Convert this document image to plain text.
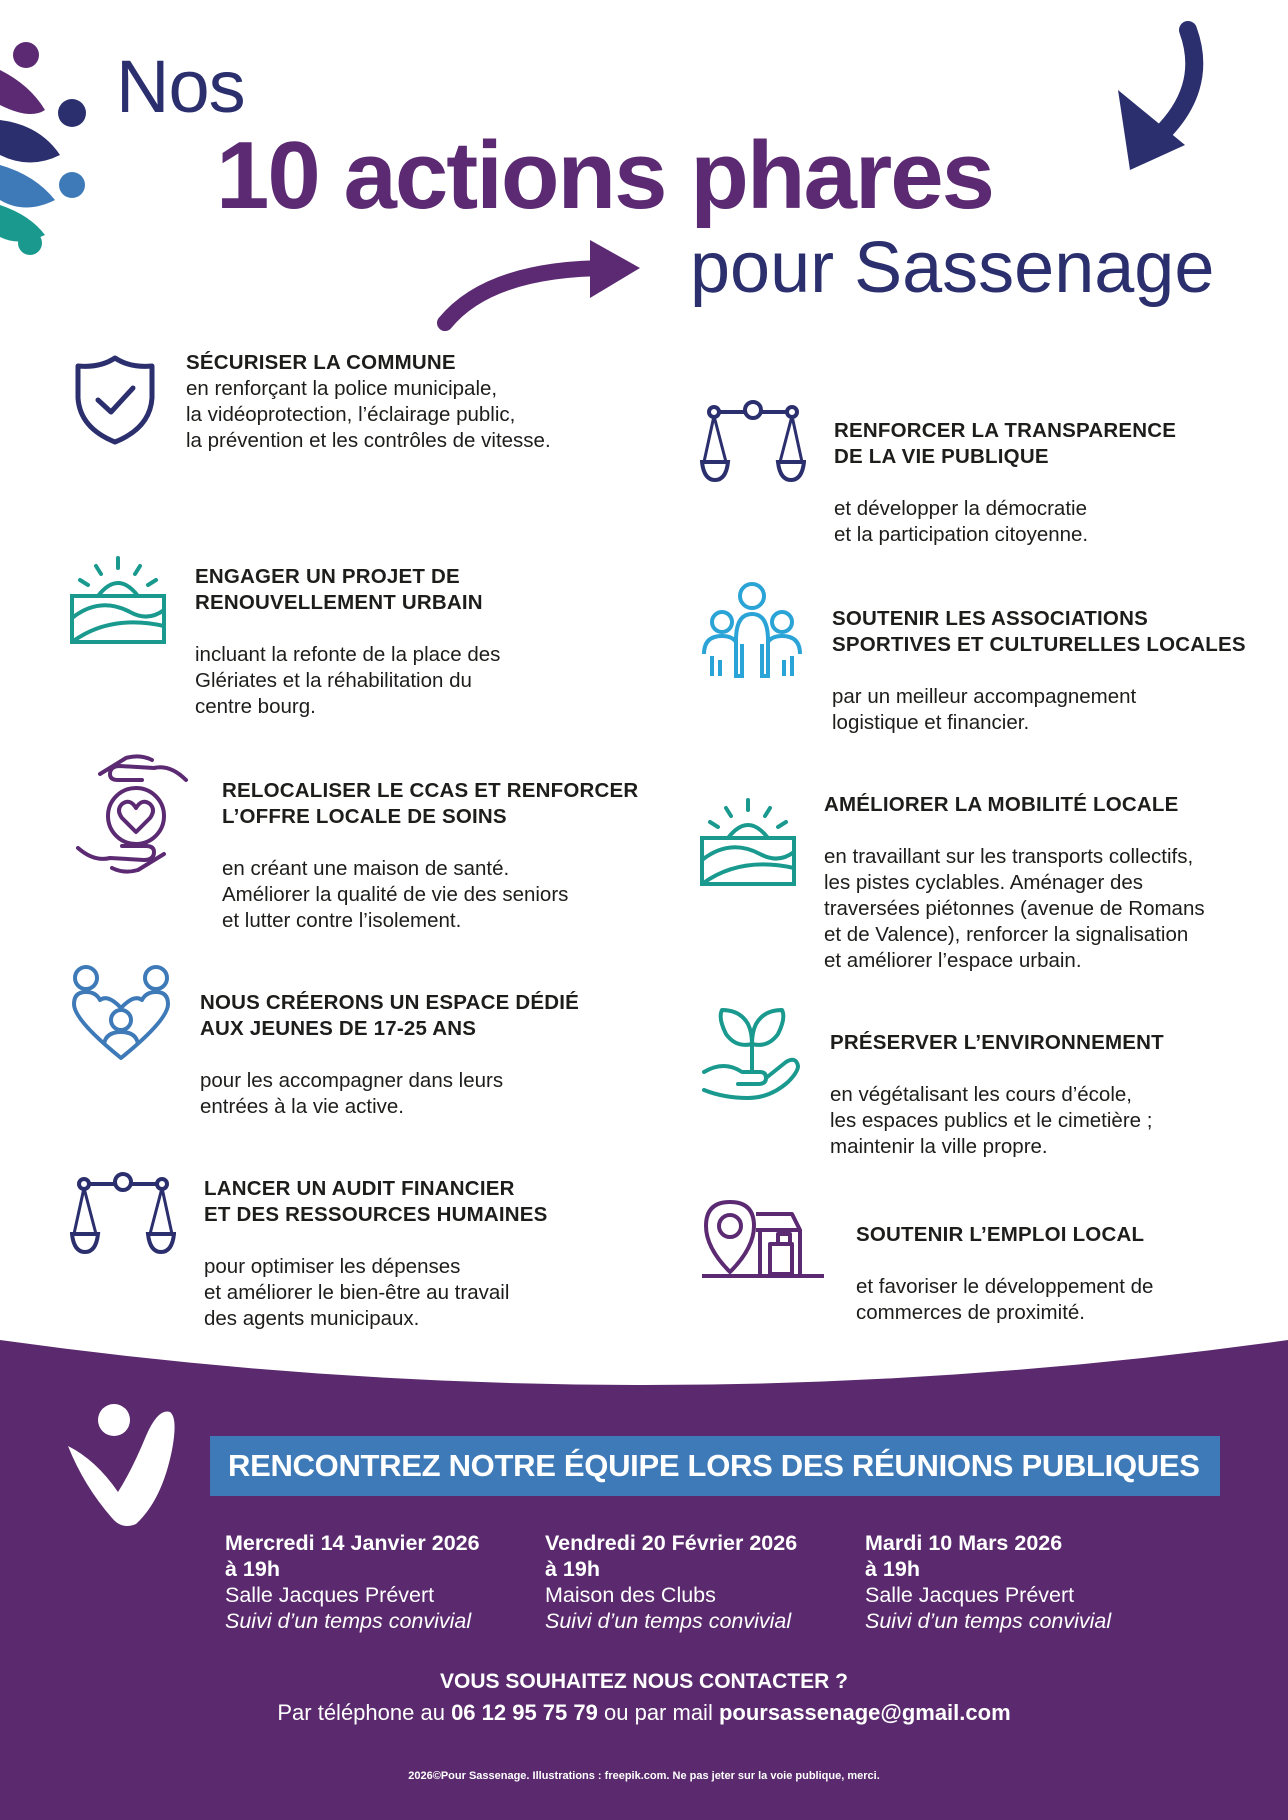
Nos
10 actions phares
pour Sassenage
SÉCURISER LA COMMUNE
en renforçant la police municipale,
la vidéoprotection, l’éclairage public,
la prévention et les contrôles de vitesse.	RENFORCER LA TRANSPARENCE
DE LA VIE PUBLIQUE

et développer la démocratie
et la participation citoyenne.

ENGAGER UN PROJET DE
RENOUVELLEMENT URBAIN

incluant la refonte de la place des
Glériates et la réhabilitation du
centre bourg.

SOUTENIR LES ASSOCIATIONS
SPORTIVES ET CULTURELLES LOCALES

par un meilleur accompagnement
logistique et financier.

RELOCALISER LE CCAS ET RENFORCER
L’OFFRE LOCALE DE SOINS

en créant une maison de santé.
Améliorer la qualité de vie des seniors
et lutter contre l’isolement.

AMÉLIORER LA MOBILITÉ LOCALE

en travaillant sur les transports collectifs,
les pistes cyclables. Aménager des
traversées piétonnes (avenue de Romans
et de Valence), renforcer la signalisation
et améliorer l’espace urbain.

NOUS CRÉERONS UN ESPACE DÉDIÉ
AUX JEUNES DE 17-25 ANS

pour les accompagner dans leurs
entrées à la vie active.

PRÉSERVER L’ENVIRONNEMENT

en végétalisant les cours d’école,
les espaces publics et le cimetière ;
maintenir la ville propre.

LANCER UN AUDIT FINANCIER
ET DES RESSOURCES HUMAINES

pour optimiser les dépenses
et améliorer le bien-être au travail
des agents municipaux.

SOUTENIR L’EMPLOI LOCAL

et favoriser le développement de
commerces de proximité.

RENCONTREZ NOTRE ÉQUIPE LORS DES RÉUNIONS PUBLIQUES
Mercredi 14 Janvier 2026
à 19h
Salle Jacques Prévert
Suivi d’un temps convivial
Vendredi 20 Février 2026
à 19h
Maison des Clubs
Suivi d’un temps convivial
Mardi 10 Mars 2026
à 19h
Salle Jacques Prévert
Suivi d’un temps convivial
VOUS SOUHAITEZ NOUS CONTACTER ?
Par téléphone au 06 12 95 75 79 ou par mail poursassenage@gmail.com
2026©Pour Sassenage. Illustrations : freepik.com. Ne pas jeter sur la voie publique, merci.
